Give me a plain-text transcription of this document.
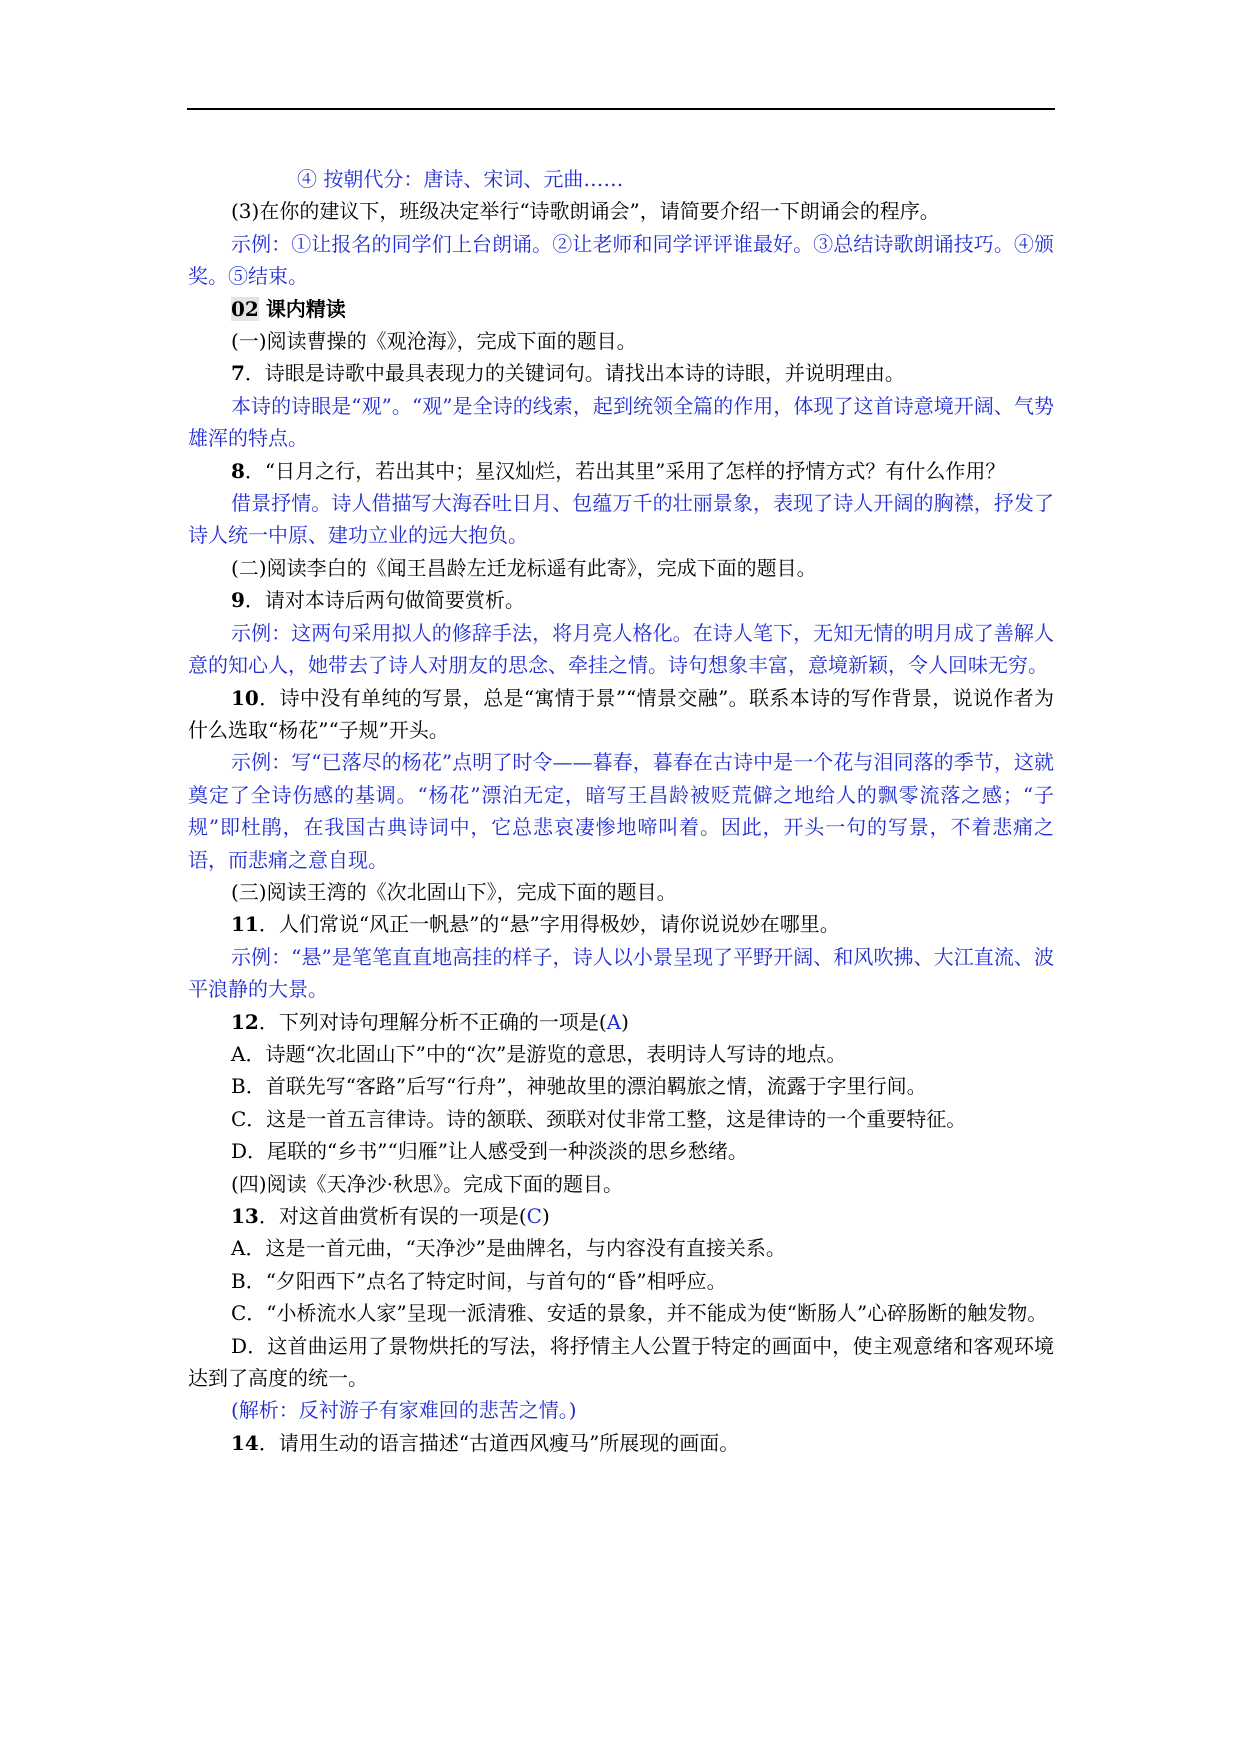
④ 按朝代分：唐诗、宋词、元曲……

(3)在你的建议下，班级决定举行“诗歌朗诵会”，请简要介绍一下朗诵会的程序。

示例：①让报名的同学们上台朗诵。②让老师和同学评评谁最好。③总结诗歌朗诵技巧。④颁奖。⑤结束。

02 课内精读

(一)阅读曹操的《观沧海》，完成下面的题目。

7．诗眼是诗歌中最具表现力的关键词句。请找出本诗的诗眼，并说明理由。

本诗的诗眼是“观”。“观”是全诗的线索，起到统领全篇的作用，体现了这首诗意境开阔、气势雄浑的特点。

8．“日月之行，若出其中；星汉灿烂，若出其里”采用了怎样的抒情方式？有什么作用？

借景抒情。诗人借描写大海吞吐日月、包蕴万千的壮丽景象，表现了诗人开阔的胸襟，抒发了诗人统一中原、建功立业的远大抱负。

(二)阅读李白的《闻王昌龄左迁龙标遥有此寄》，完成下面的题目。

9．请对本诗后两句做简要赏析。

示例：这两句采用拟人的修辞手法，将月亮人格化。在诗人笔下，无知无情的明月成了善解人意的知心人，她带去了诗人对朋友的思念、牵挂之情。诗句想象丰富，意境新颖，令人回味无穷。

10．诗中没有单纯的写景，总是“寓情于景”“情景交融”。联系本诗的写作背景，说说作者为什么选取“杨花”“子规”开头。

示例：写“已落尽的杨花”点明了时令——暮春，暮春在古诗中是一个花与泪同落的季节，这就奠定了全诗伤感的基调。“杨花”漂泊无定，暗写王昌龄被贬荒僻之地给人的飘零流落之感；“子规”即杜鹃，在我国古典诗词中，它总悲哀凄惨地啼叫着。因此，开头一句的写景，不着悲痛之语，而悲痛之意自现。

(三)阅读王湾的《次北固山下》，完成下面的题目。

11．人们常说“风正一帆悬”的“悬”字用得极妙，请你说说妙在哪里。

示例：“悬”是笔笔直直地高挂的样子，诗人以小景呈现了平野开阔、和风吹拂、大江直流、波平浪静的大景。

12．下列对诗句理解分析不正确的一项是(A)

A．诗题“次北固山下”中的“次”是游览的意思，表明诗人写诗的地点。

B．首联先写“客路”后写“行舟”，神驰故里的漂泊羁旅之情，流露于字里行间。

C．这是一首五言律诗。诗的颔联、颈联对仗非常工整，这是律诗的一个重要特征。

D．尾联的“乡书”“归雁”让人感受到一种淡淡的思乡愁绪。

(四)阅读《天净沙·秋思》。完成下面的题目。

13．对这首曲赏析有误的一项是(C)

A．这是一首元曲，“天净沙”是曲牌名，与内容没有直接关系。

B．“夕阳西下”点名了特定时间，与首句的“昏”相呼应。

C．“小桥流水人家”呈现一派清雅、安适的景象，并不能成为使“断肠人”心碎肠断的触发物。

D．这首曲运用了景物烘托的写法，将抒情主人公置于特定的画面中，使主观意绪和客观环境达到了高度的统一。

(解析：反衬游子有家难回的悲苦之情。)

14．请用生动的语言描述“古道西风瘦马”所展现的画面。
